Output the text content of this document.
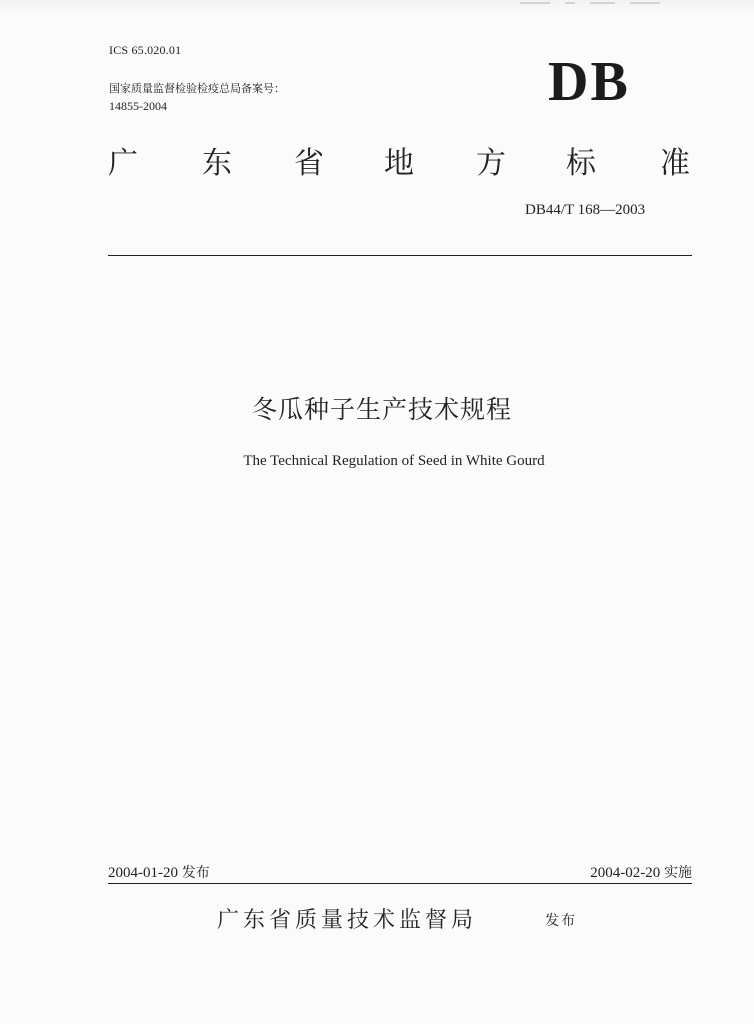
ICS 65.020.01
国家质量监督检验检疫总局备案号：
14855-2004	DB
广 东 省 地 方 标 准
DB44/T 168—2003
冬瓜种子生产技术规程
The Technical Regulation of Seed in White Gourd
2004-01-20 发布	2004-02-20 实施
广东省质量技术监督局	发布
